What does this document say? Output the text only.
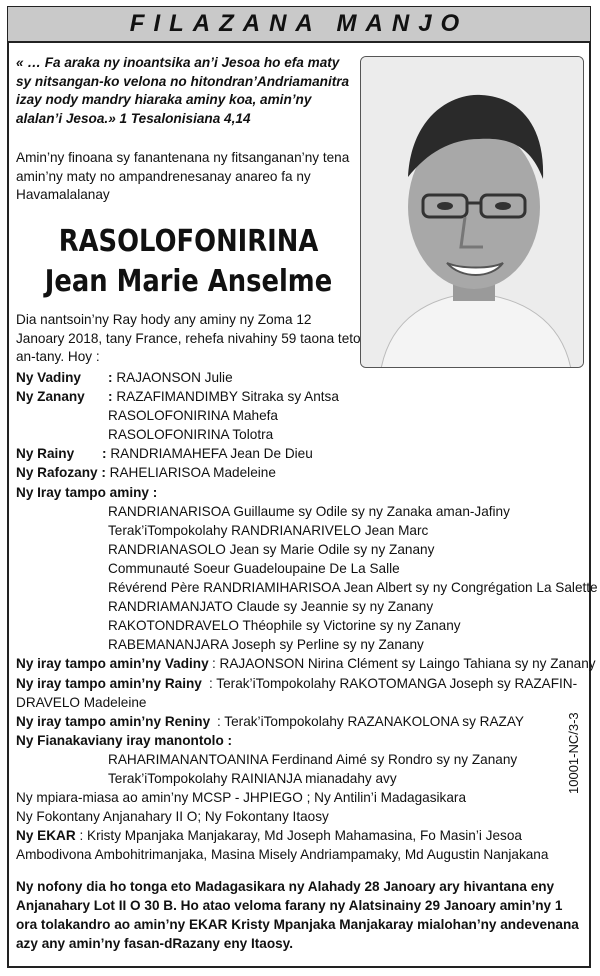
FILAZANA MANJO
« … Fa araka ny inoantsika an’i Jesoa ho efa maty sy nitsangan-ko velona no hitondran’Andriamanitra izay nody mandry hiaraka aminy koa, amin’ny alalan’i Jesoa.» 1 Tesalonisiana 4,14
Amin’ny finoana sy fanantenana ny fitsanganan’ny tena amin’ny maty no ampandrenesanay anareo fa ny Havamalalanay
RASOLOFONIRINA
Jean Marie Anselme
Dia nantsoin’ny Ray hody any aminy ny Zoma 12 Janoary 2018, tany France, rehefa nivahiny 59 taona teto an-tany. Hoy :
Ny Vadiny : RAJAONSON Julie
Ny Zanany : RAZAFIMANDIMBY Sitraka sy Antsa
RASOLOFONIRINA Mahefa
RASOLOFONIRINA Tolotra
Ny Rainy : RANDRIAMAHEFA Jean De Dieu
Ny Rafozany : RAHELIARISOA Madeleine
Ny Iray tampo aminy :
RANDRIANARISOA Guillaume sy Odile sy ny Zanaka aman-Jafiny
Terak’iTompokolahy RANDRIANARIVELO Jean Marc
RANDRIANASOLO Jean sy Marie Odile sy ny Zanany
Communauté Soeur Guadeloupaine De La Salle
Révérend Père RANDRIAMIHARISOA Jean Albert sy ny Congrégation La Salette
RANDRIAMANJATO Claude sy Jeannie sy ny Zanany
RAKOTONDRAVELO Théophile sy Victorine sy ny Zanany
RABEMANANJARA Joseph sy Perline sy ny Zanany
Ny iray tampo amin’ny Vadiny : RAJAONSON Nirina Clément sy Laingo Tahiana sy ny Zanany
Ny iray tampo amin’ny Rainy : Terak’iTompokolahy RAKOTOMANGA Joseph sy RAZAFIN-
DRAVELO Madeleine
Ny iray tampo amin’ny Reniny : Terak’iTompokolahy RAZANAKOLONA sy RAZAY
Ny Fianakaviany iray manontolo :
RAHARIMANANTOANINA Ferdinand Aimé sy Rondro sy ny Zanany
Terak’iTompokolahy RAINIANJA mianadahy avy
Ny mpiara-miasa ao amin’ny MCSP - JHPIEGO ; Ny Antilin’i Madagasikara
Ny Fokontany Anjanahary II O; Ny Fokontany Itaosy
Ny EKAR : Kristy Mpanjaka Manjakaray, Md Joseph Mahamasina, Fo Masin’i Jesoa Ambodivona Ambohitrimanjaka, Masina Misely Andriampamaky, Md Augustin Nanjakana
10001-NC/3-3
Ny nofony dia ho tonga eto Madagasikara ny Alahady 28 Janoary ary hivantana eny Anjanahary Lot II O 30 B. Ho atao veloma farany ny Alatsinainy 29 Janoary amin’ny 1 ora tolakandro ao amin’ny EKAR Kristy Mpanjaka Manjakaray mialohan’ny andevenana azy any amin’ny fasan-dRazany eny Itaosy.
